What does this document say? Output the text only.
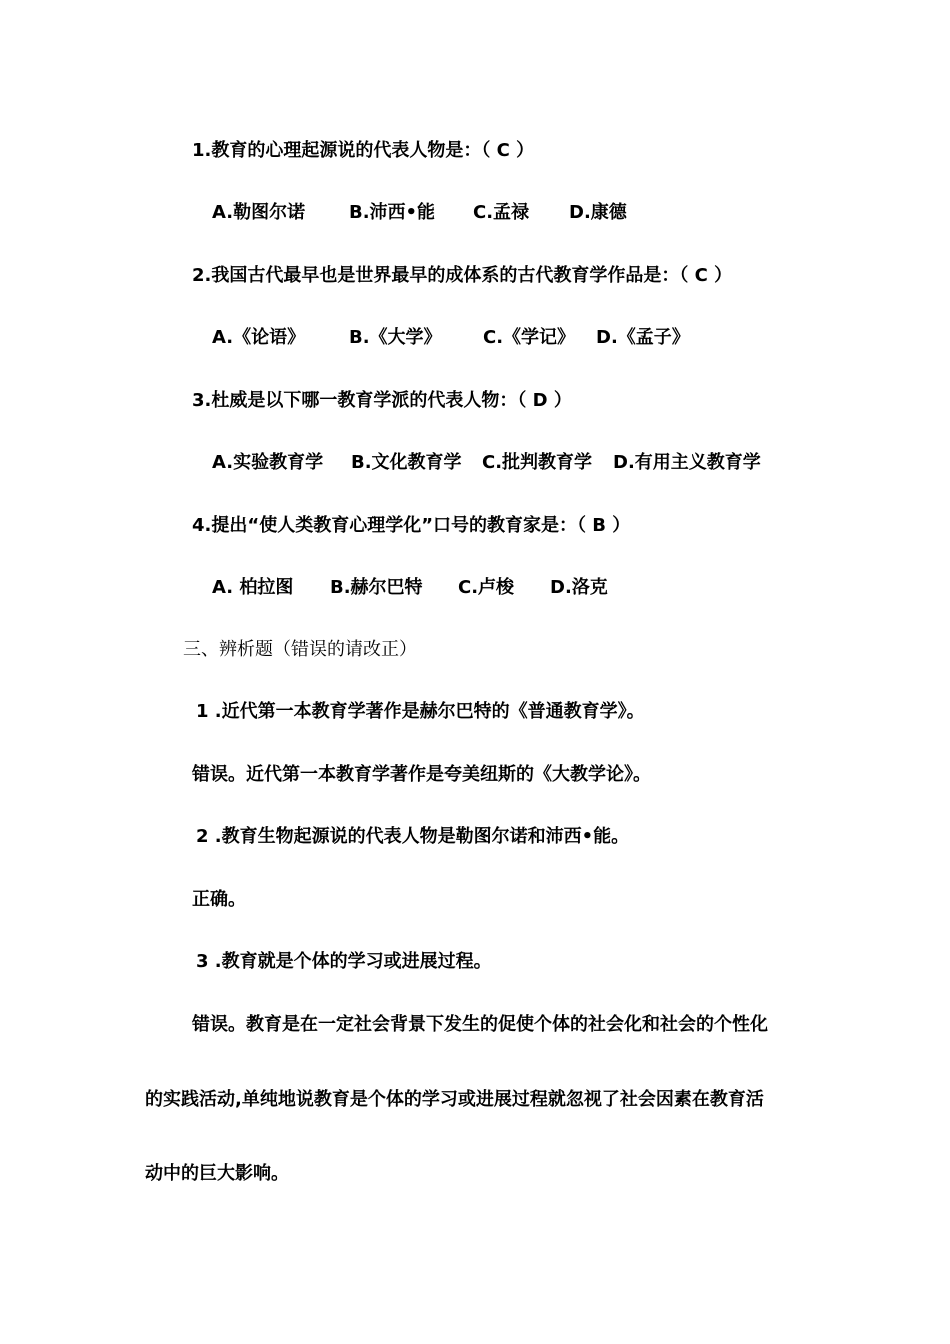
1.教育的心理起源说的代表人物是：（ C ）
A.勒图尔诺 B.沛西•能 C.孟禄 D.康德
2.我国古代最早也是世界最早的成体系的古代教育学作品是：（ C ）
A.《论语》 B.《大学》 C.《学记》 D.《孟子》
3.杜威是以下哪一教育学派的代表人物：（ D ）
A.实验教育学 B.文化教育学 C.批判教育学 D.有用主义教育学
4.提出“使人类教育心理学化”口号的教育家是：（ B ）
A. 柏拉图 B.赫尔巴特 C.卢梭 D.洛克
三、辨析题（错误的请改正）
1 .近代第一本教育学著作是赫尔巴特的《普通教育学》。
错误。近代第一本教育学著作是夸美纽斯的《大教学论》。
2 .教育生物起源说的代表人物是勒图尔诺和沛西•能。
正确。
3 .教育就是个体的学习或进展过程。
错误。教育是在一定社会背景下发生的促使个体的社会化和社会的个性化
的实践活动,单纯地说教育是个体的学习或进展过程就忽视了社会因素在教育活
动中的巨大影响。
